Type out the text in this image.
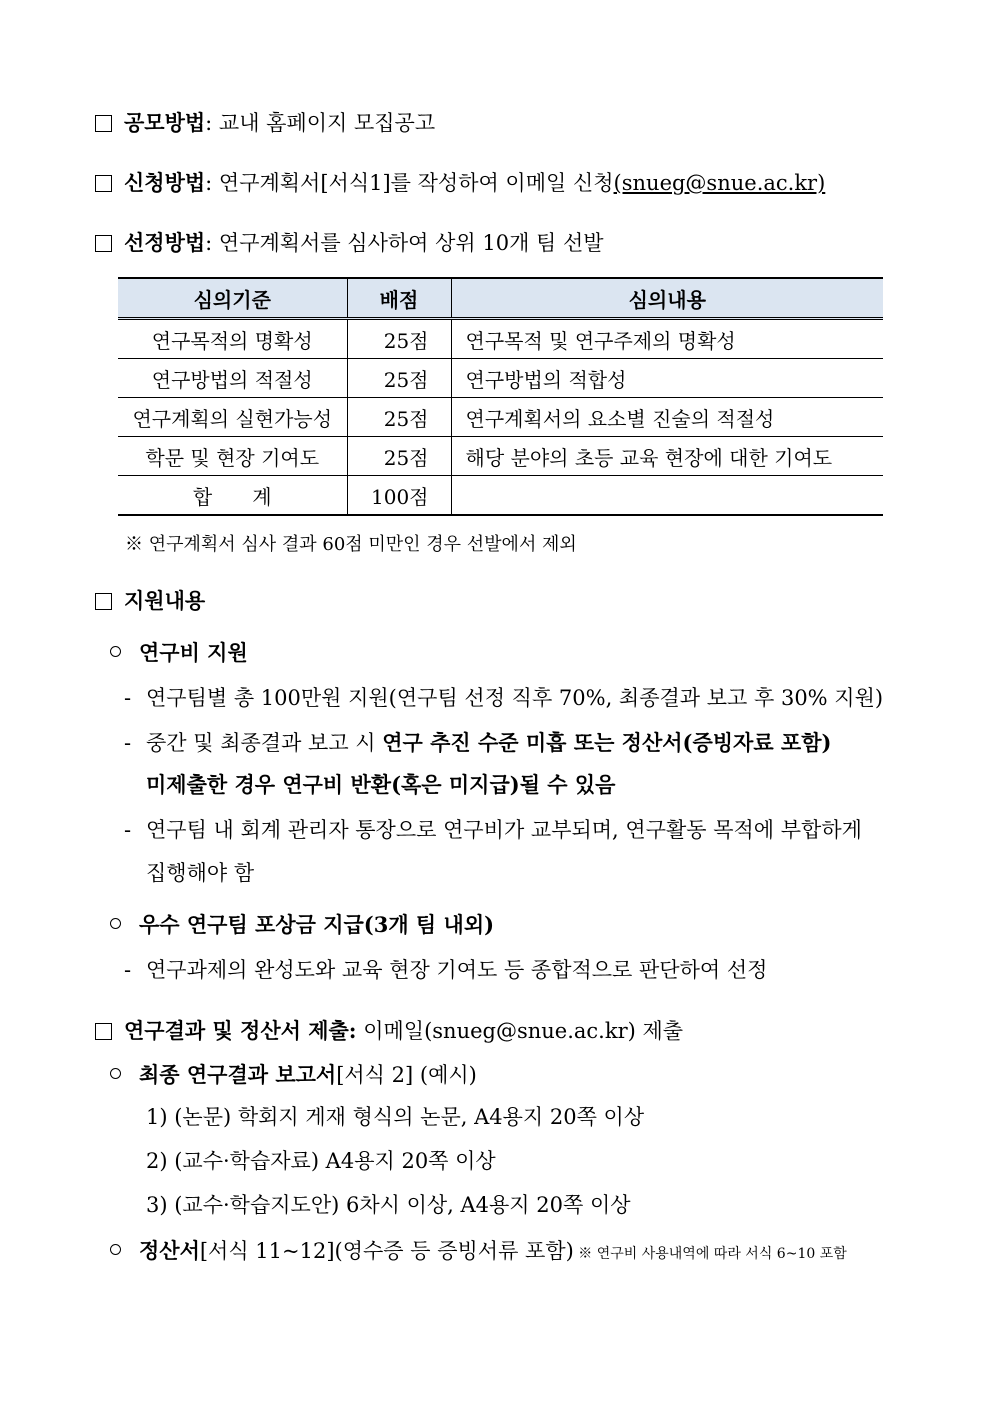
공모방법: 교내 홈페이지 모집공고
신청방법: 연구계획서[서식1]를 작성하여 이메일 신청(snueg@snue.ac.kr)
선정방법: 연구계획서를 심사하여 상위 10개 팀 선발
심의기준	배점	심의내용
연구목적의 명확성	25점	연구목적 및 연구주제의 명확성
연구방법의 적절성	25점	연구방법의 적합성
연구계획의 실현가능성	25점	연구계획서의 요소별 진술의 적절성
학문 및 현장 기여도	25점	해당 분야의 초등 교육 현장에 대한 기여도
합　　계	100점	
※ 연구계획서 심사 결과 60점 미만인 경우 선발에서 제외
지원내용
연구비 지원
- 연구팀별 총 100만원 지원(연구팀 선정 직후 70%, 최종결과 보고 후 30% 지원)
- 중간 및 최종결과 보고 시 연구 추진 수준 미흡 또는 정산서(증빙자료 포함)
미제출한 경우 연구비 반환(혹은 미지급)될 수 있음
- 연구팀 내 회계 관리자 통장으로 연구비가 교부되며, 연구활동 목적에 부합하게
집행해야 함
우수 연구팀 포상금 지급(3개 팀 내외)
- 연구과제의 완성도와 교육 현장 기여도 등 종합적으로 판단하여 선정
연구결과 및 정산서 제출: 이메일(snueg@snue.ac.kr) 제출
최종 연구결과 보고서[서식 2] (예시)
1) (논문) 학회지 게재 형식의 논문, A4용지 20쪽 이상
2) (교수·학습자료) A4용지 20쪽 이상
3) (교수·학습지도안) 6차시 이상, A4용지 20쪽 이상
정산서[서식 11~12](영수증 등 증빙서류 포함) ※ 연구비 사용내역에 따라 서식 6~10 포함
